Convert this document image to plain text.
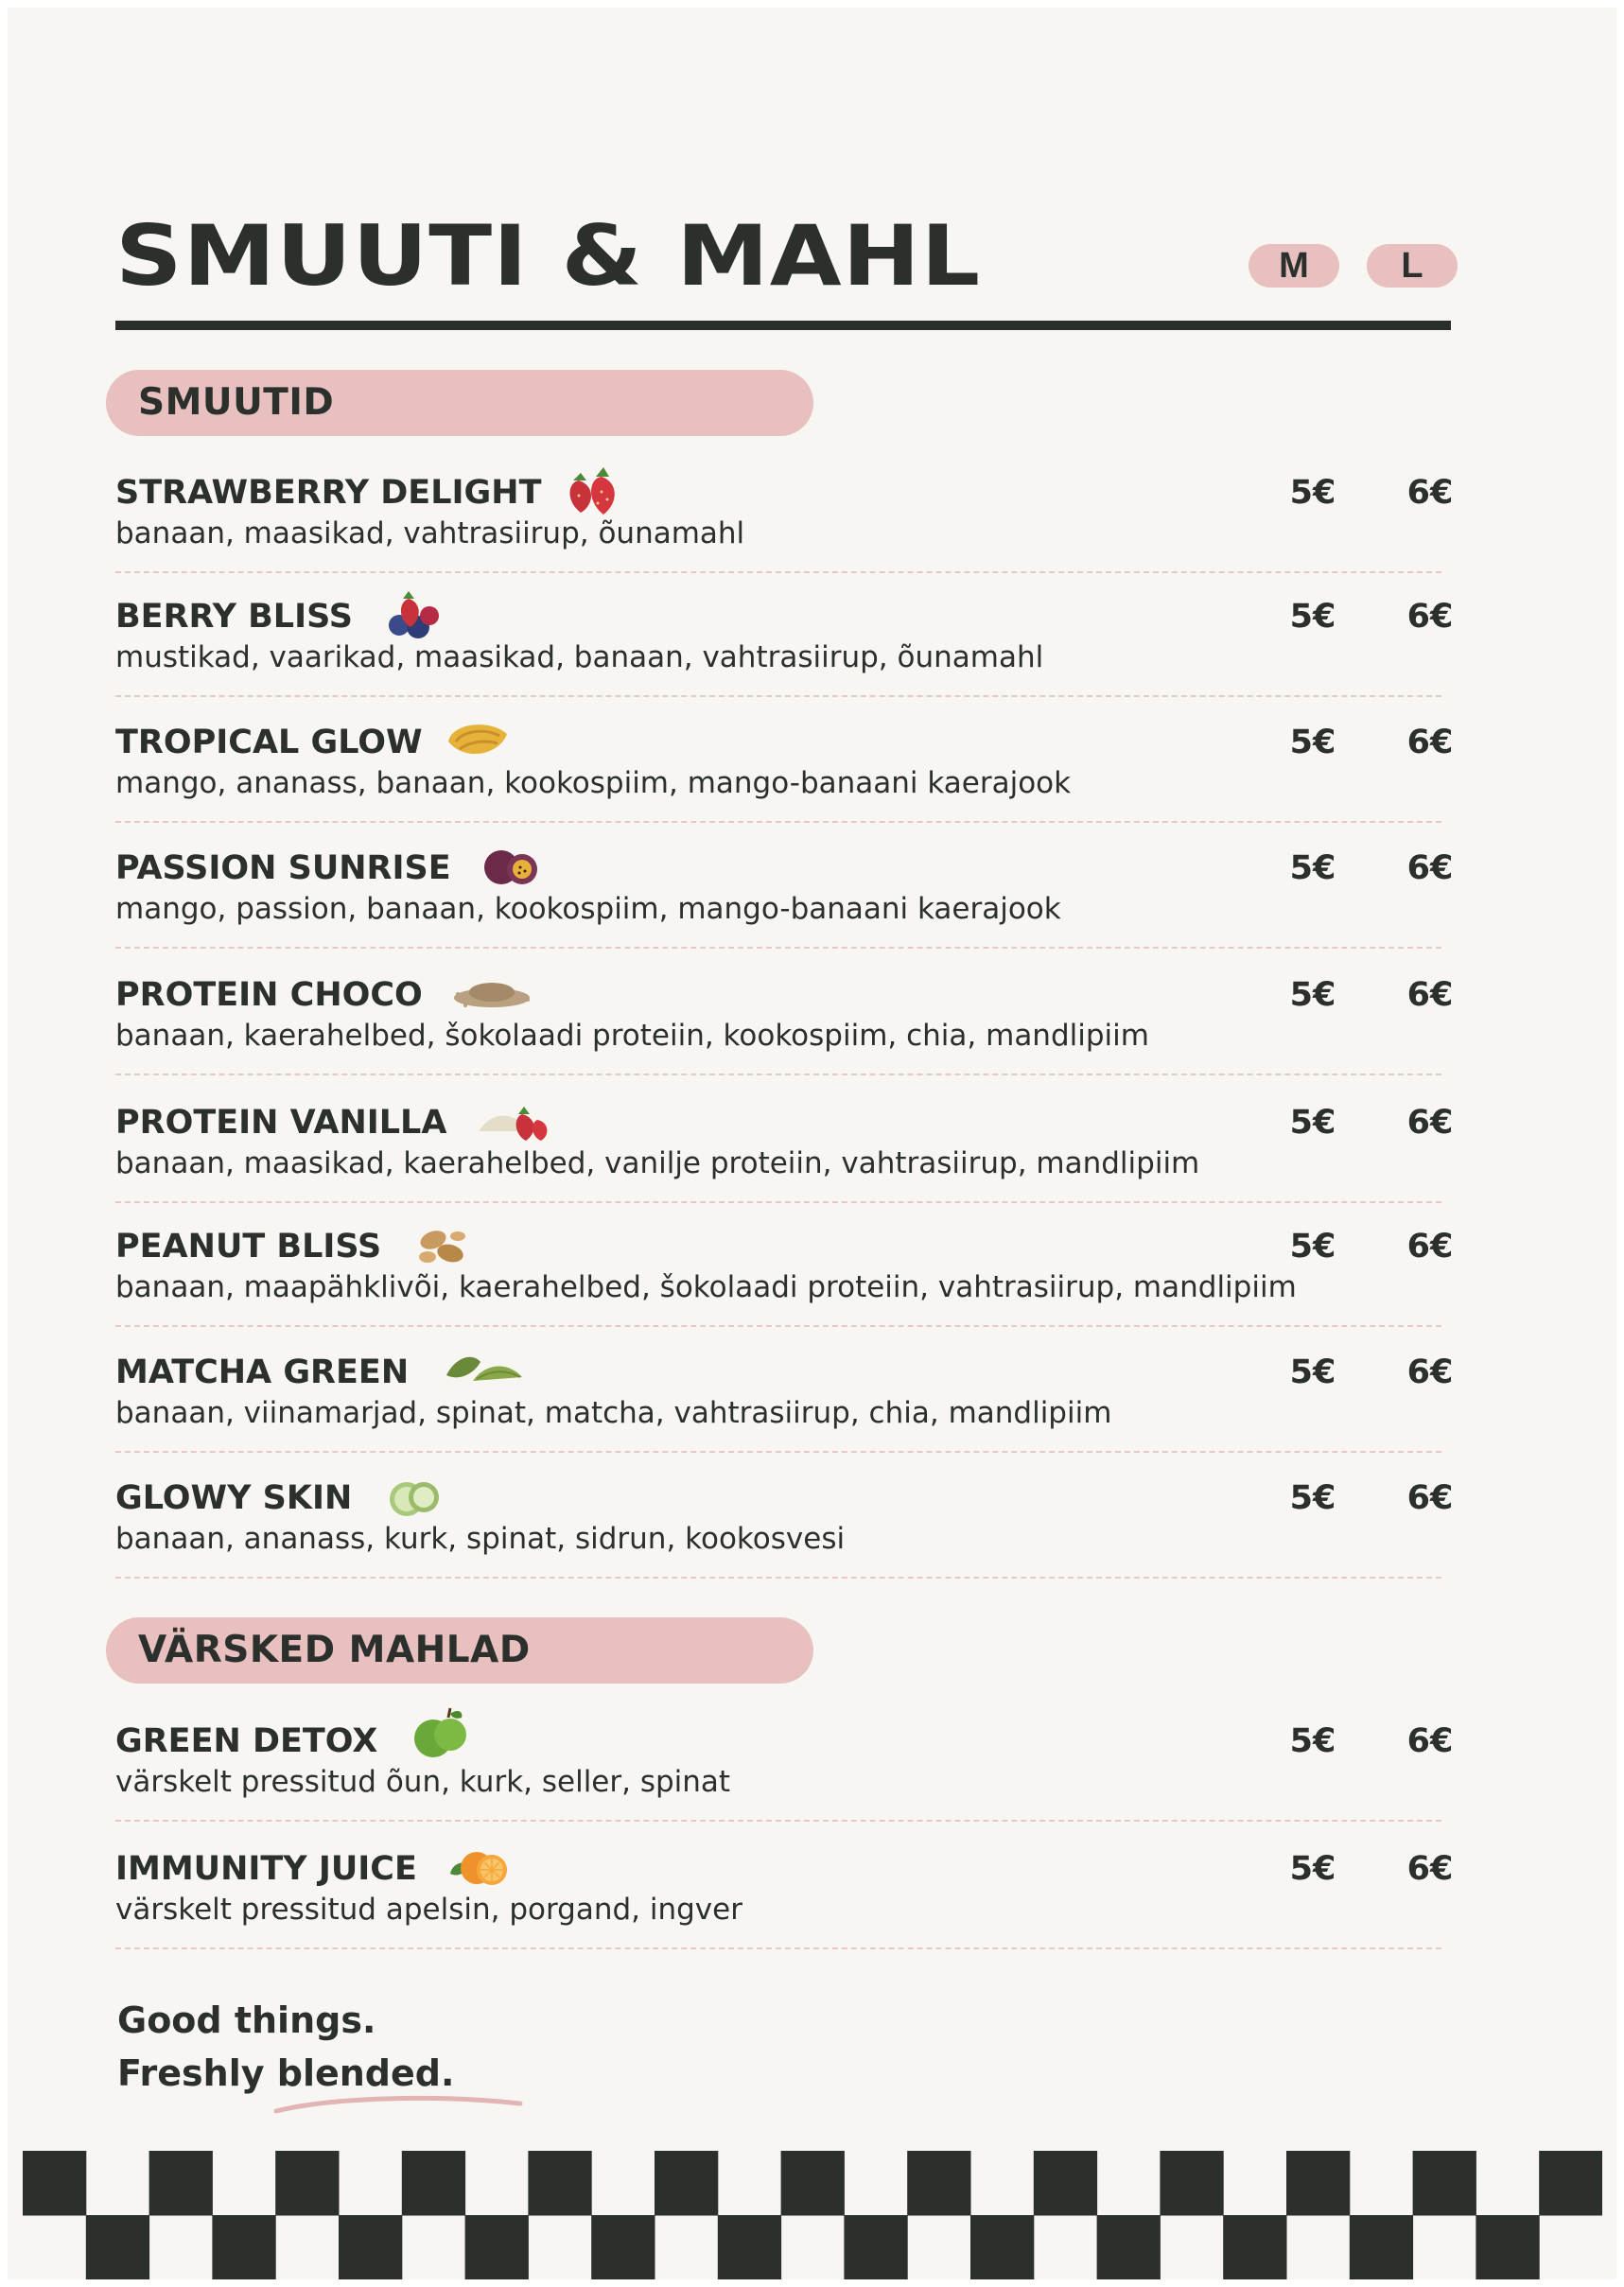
SMUUTI & MAHL	M	L
SMUUTID
STRAWBERRY DELIGHT
banaan, maasikad, vahtrasiirup, õunamahl
5€	6€
BERRY BLISS
mustikad, vaarikad, maasikad, banaan, vahtrasiirup, õunamahl
5€	6€
TROPICAL GLOW
mango, ananass, banaan, kookospiim, mango-banaani kaerajook
5€	6€
PASSION SUNRISE
mango, passion, banaan, kookospiim, mango-banaani kaerajook
5€	6€
PROTEIN CHOCO
banaan, kaerahelbed, šokolaadi proteiin, kookospiim, chia, mandlipiim
5€	6€
PROTEIN VANILLA
banaan, maasikad, kaerahelbed, vanilje proteiin, vahtrasiirup, mandlipiim
5€	6€
PEANUT BLISS
banaan, maapähklivõi, kaerahelbed, šokolaadi proteiin, vahtrasiirup, mandlipiim
5€	6€
MATCHA GREEN
banaan, viinamarjad, spinat, matcha, vahtrasiirup, chia, mandlipiim
5€	6€
GLOWY SKIN
banaan, ananass, kurk, spinat, sidrun, kookosvesi
5€	6€
VÄRSKED MAHLAD
GREEN DETOX
värskelt pressitud õun, kurk, seller, spinat
5€	6€
IMMUNITY JUICE
värskelt pressitud apelsin, porgand, ingver
5€	6€
Good things.
Freshly blended.
